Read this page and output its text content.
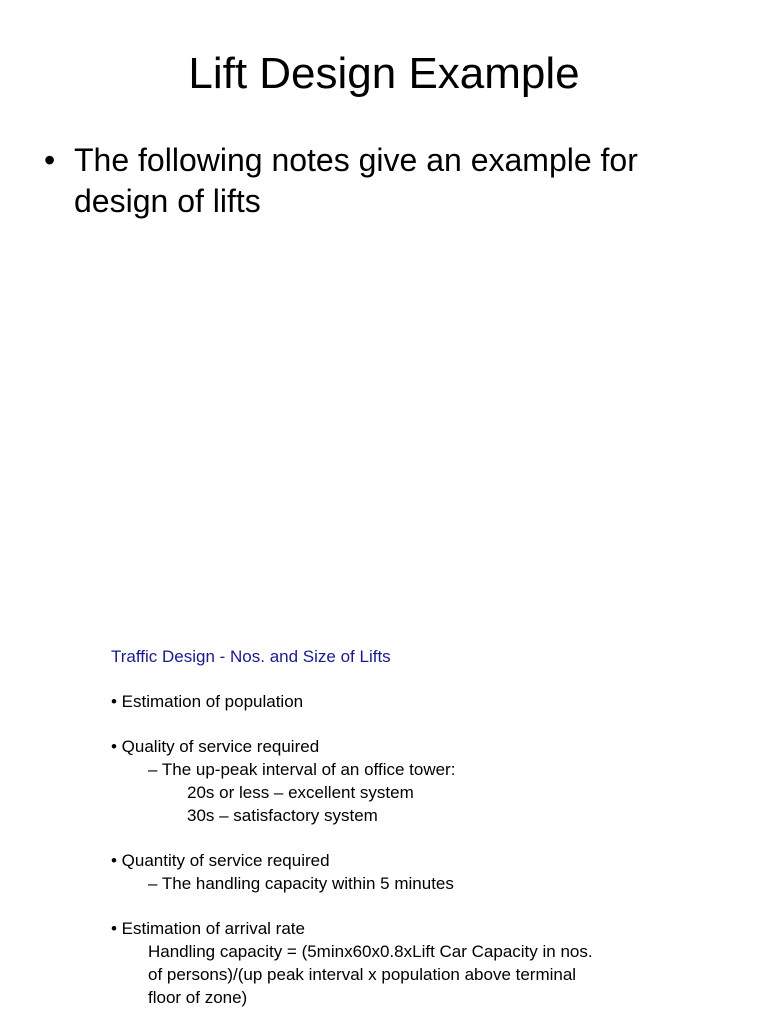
Lift Design Example
• The following notes give an example for design of lifts
Traffic Design - Nos. and Size of Lifts
• Estimation of population
• Quality of service required
– The up-peak interval of an office tower:
20s or less – excellent system
30s – satisfactory system
• Quantity of service required
– The handling capacity within 5 minutes
• Estimation of arrival rate
Handling capacity = (5minx60x0.8xLift Car Capacity in nos.
of persons)/(up peak interval x population above terminal
floor of zone)
